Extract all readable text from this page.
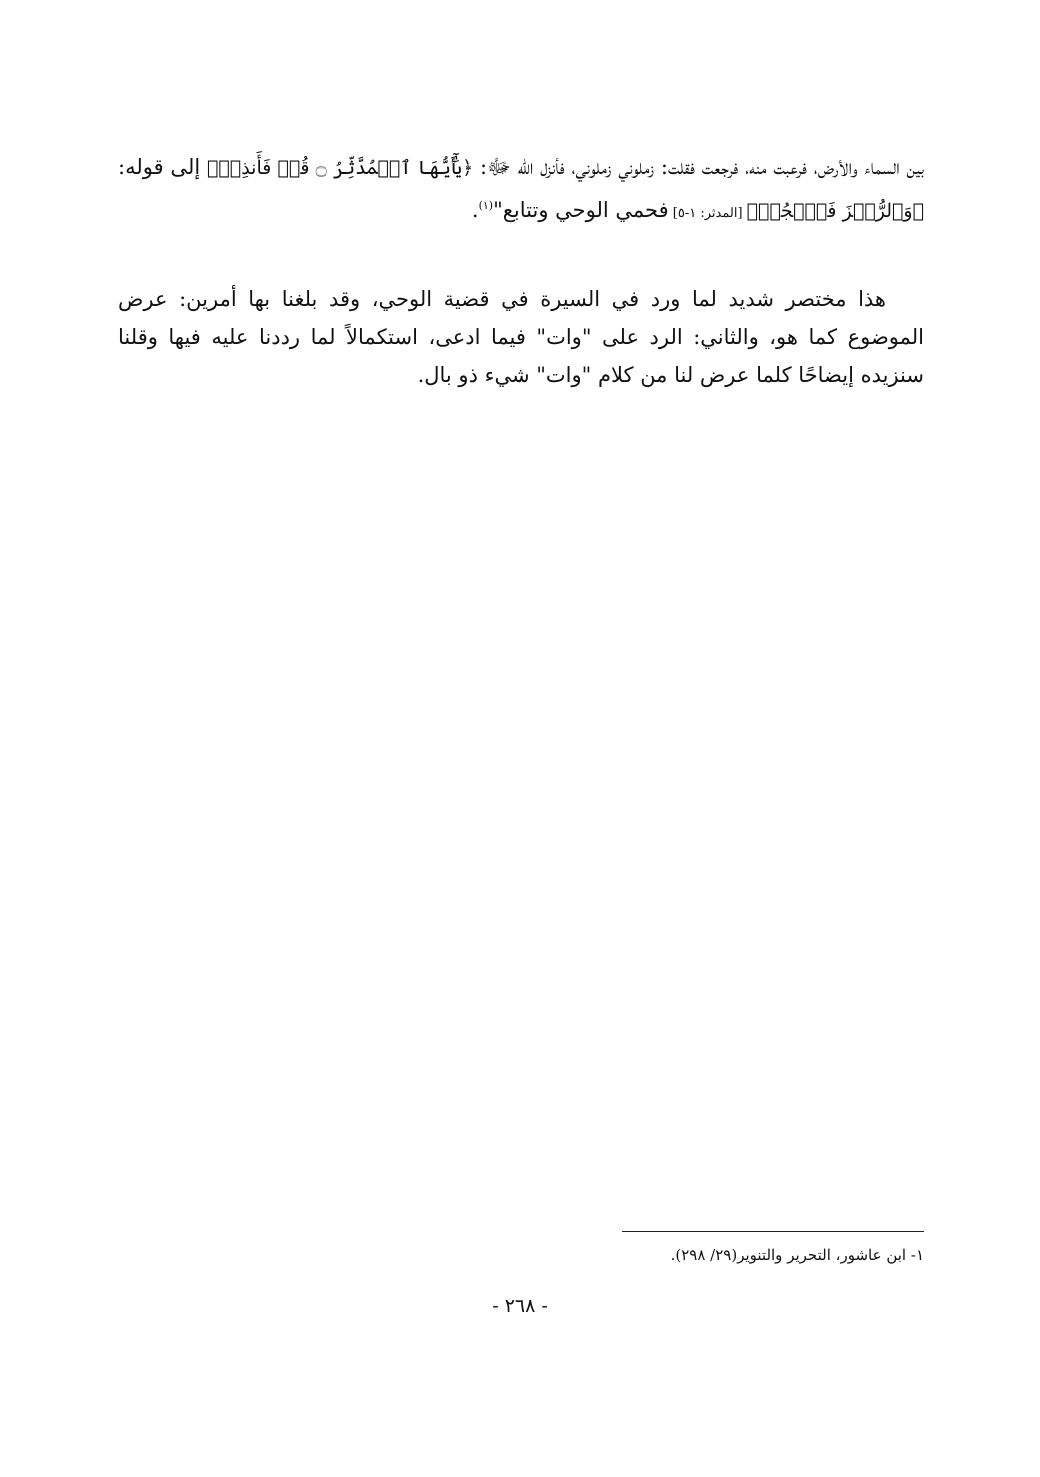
بين السماء والأرض، فرعبت منه، فرجعت فقلت: زملوني زملوني، فأنزل الله ﷻ: ﴿يَٰٓأَيُّهَا ٱلۡمُدَّثِّرُ ۝ قُمۡ فَأَنذِرۡ﴾ إلى قوله: ﴿وَٱلرُّجۡزَ فَٱهۡجُرۡ﴾ [المدثر: ١-٥] فحمي الوحي وتتابع"$^{(١)}$.

هذا مختصر شديد لما ورد في السيرة في قضية الوحي، وقد بلغنا بها أمرين: عرض الموضوع كما هو، والثاني: الرد على "وات" فيما ادعى، استكمالاً لما رددنا عليه فيها وقلنا سنزيده إيضاحًا كلما عرض لنا من كلام "وات" شيء ذو بال.

١- ابن عاشور، التحرير والتنوير(٢٩/ ٢٩٨).
- ٢٦٨ -
